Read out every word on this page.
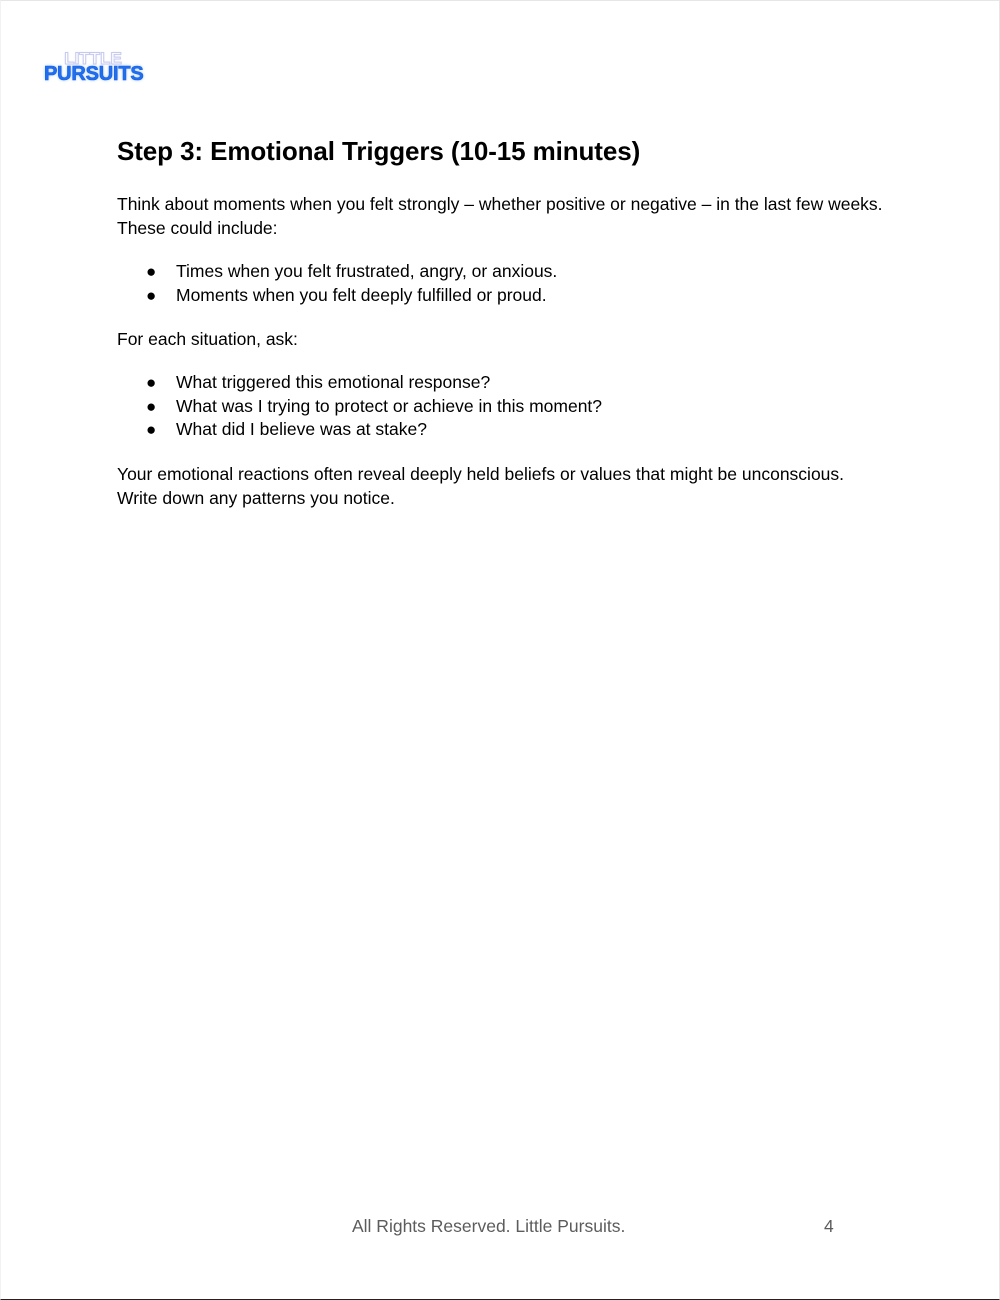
LITTLE
PURSUITS
Step 3: Emotional Triggers (10-15 minutes)

Think about moments when you felt strongly – whether positive or negative – in the last few weeks. These could include:

● Times when you felt frustrated, angry, or anxious.
● Moments when you felt deeply fulfilled or proud.

For each situation, ask:

● What triggered this emotional response?
● What was I trying to protect or achieve in this moment?
● What did I believe was at stake?

Your emotional reactions often reveal deeply held beliefs or values that might be unconscious. Write down any patterns you notice.

All Rights Reserved. Little Pursuits.	4
